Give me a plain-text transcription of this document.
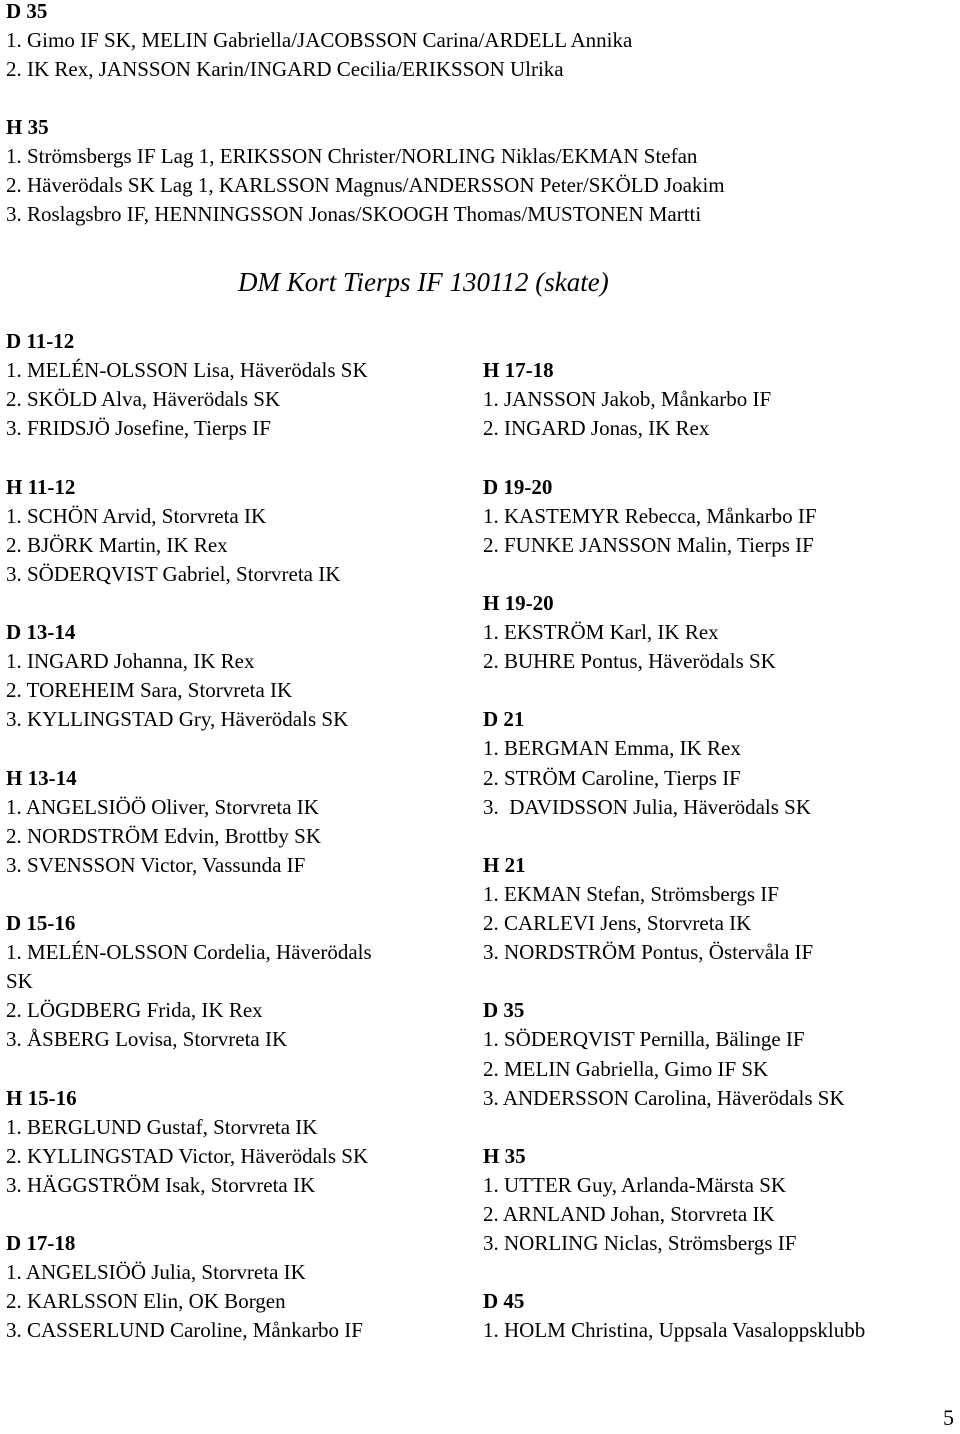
D 35
1. Gimo IF SK, MELIN Gabriella/JACOBSSON Carina/ARDELL Annika
2. IK Rex, JANSSON Karin/INGARD Cecilia/ERIKSSON Ulrika
H 35
1. Strömsbergs IF Lag 1, ERIKSSON Christer/NORLING Niklas/EKMAN Stefan
2. Häverödals SK Lag 1, KARLSSON Magnus/ANDERSSON Peter/SKÖLD Joakim
3. Roslagsbro IF, HENNINGSSON Jonas/SKOOGH Thomas/MUSTONEN Martti
DM Kort Tierps IF 130112 (skate)
D 11-12
1. MELÉN-OLSSON Lisa, Häverödals SK
2. SKÖLD Alva, Häverödals SK
3. FRIDSJÖ Josefine, Tierps IF
H 11-12
1. SCHÖN Arvid, Storvreta IK
2. BJÖRK Martin, IK Rex
3. SÖDERQVIST Gabriel, Storvreta IK
D 13-14
1. INGARD Johanna, IK Rex
2. TOREHEIM Sara, Storvreta IK
3. KYLLINGSTAD Gry, Häverödals SK
H 13-14
1. ANGELSIÖÖ Oliver, Storvreta IK
2. NORDSTRÖM Edvin, Brottby SK
3. SVENSSON Victor, Vassunda IF
D 15-16
1. MELÉN-OLSSON Cordelia, Häverödals
SK
2. LÖGDBERG Frida, IK Rex
3. ÅSBERG Lovisa, Storvreta IK
H 15-16
1. BERGLUND Gustaf, Storvreta IK
2. KYLLINGSTAD Victor, Häverödals SK
3. HÄGGSTRÖM Isak, Storvreta IK
D 17-18
1. ANGELSIÖÖ Julia, Storvreta IK
2. KARLSSON Elin, OK Borgen
3. CASSERLUND Caroline, Månkarbo IF
H 17-18
1. JANSSON Jakob, Månkarbo IF
2. INGARD Jonas, IK Rex
D 19-20
1. KASTEMYR Rebecca, Månkarbo IF
2. FUNKE JANSSON Malin, Tierps IF
H 19-20
1. EKSTRÖM Karl, IK Rex
2. BUHRE Pontus, Häverödals SK
D 21
1. BERGMAN Emma, IK Rex
2. STRÖM Caroline, Tierps IF
3.  DAVIDSSON Julia, Häverödals SK
H 21
1. EKMAN Stefan, Strömsbergs IF
2. CARLEVI Jens, Storvreta IK
3. NORDSTRÖM Pontus, Östervåla IF
D 35
1. SÖDERQVIST Pernilla, Bälinge IF
2. MELIN Gabriella, Gimo IF SK
3. ANDERSSON Carolina, Häverödals SK
H 35
1. UTTER Guy, Arlanda-Märsta SK
2. ARNLAND Johan, Storvreta IK
3. NORLING Niclas, Strömsbergs IF
D 45
1. HOLM Christina, Uppsala Vasaloppsklubb
5
